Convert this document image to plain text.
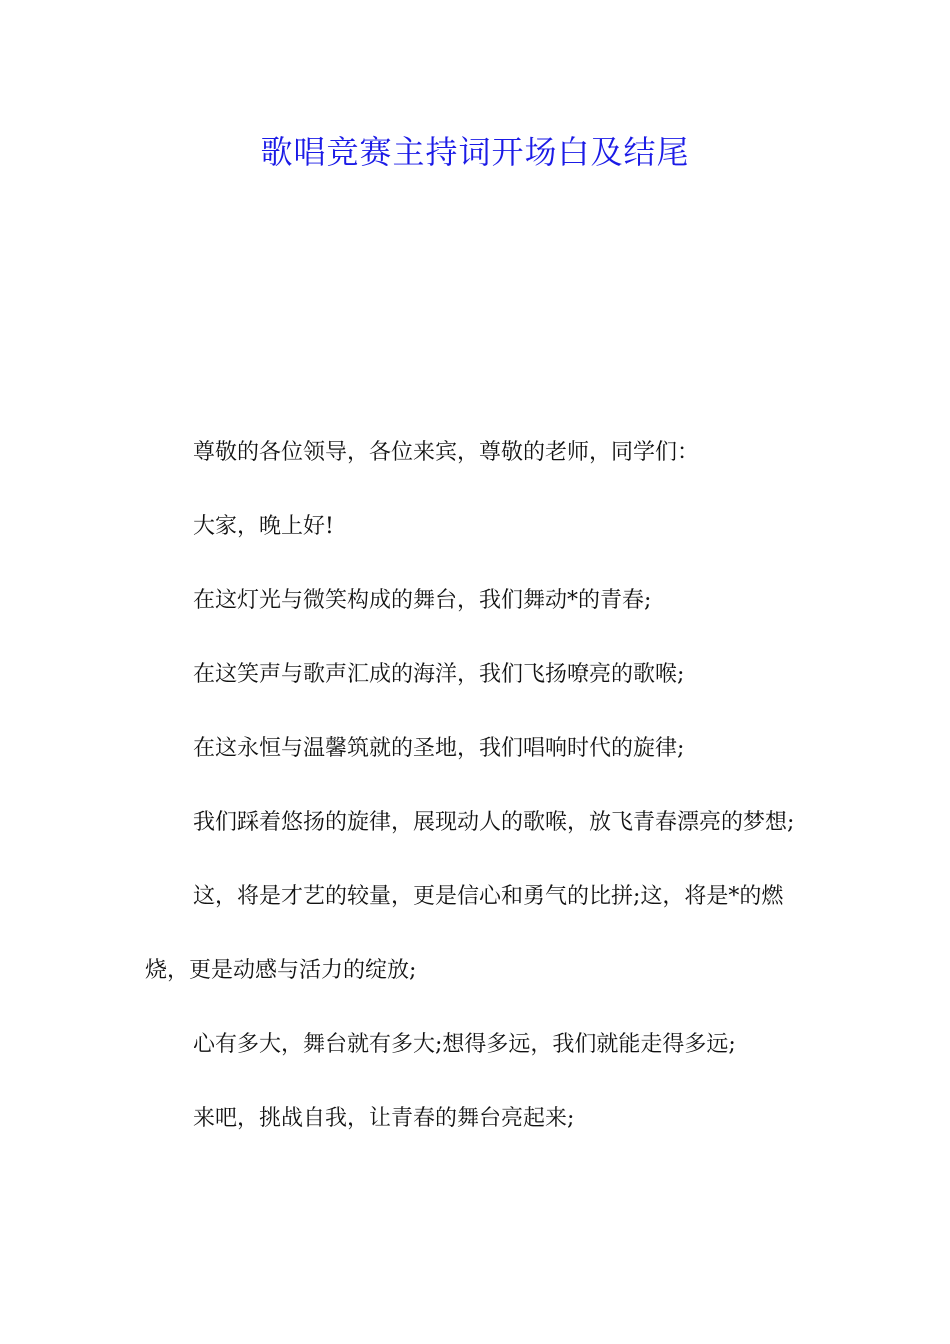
歌唱竞赛主持词开场白及结尾

尊敬的各位领导，各位来宾，尊敬的老师，同学们：

大家，晚上好!

在这灯光与微笑构成的舞台，我们舞动*的青春;

在这笑声与歌声汇成的海洋，我们飞扬嘹亮的歌喉;

在这永恒与温馨筑就的圣地，我们唱响时代的旋律;

我们踩着悠扬的旋律，展现动人的歌喉，放飞青春漂亮的梦想;

这，将是才艺的较量，更是信心和勇气的比拼;这，将是*的燃烧，更是动感与活力的绽放;

心有多大，舞台就有多大;想得多远，我们就能走得多远;

来吧，挑战自我，让青春的舞台亮起来;
